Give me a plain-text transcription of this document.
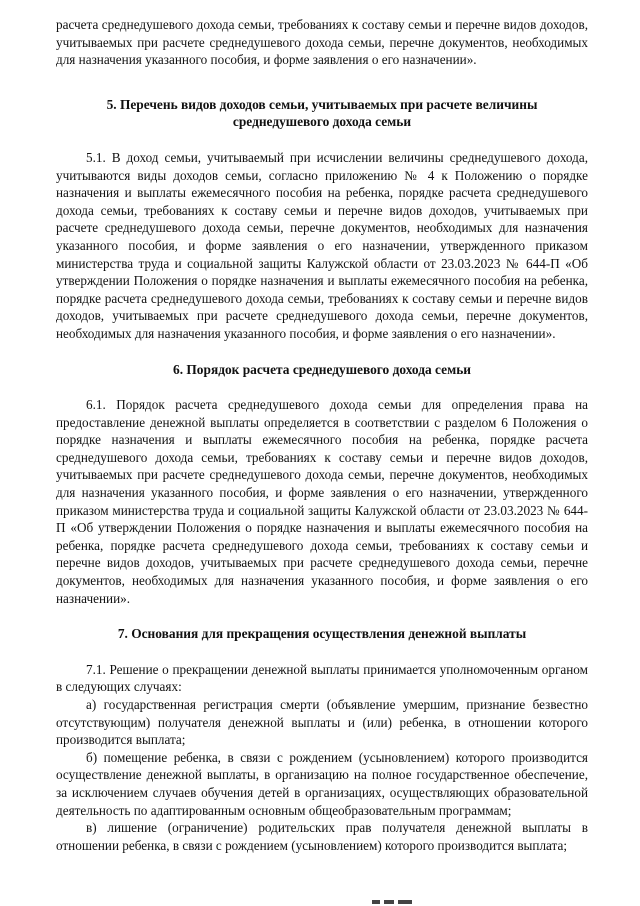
расчета среднедушевого дохода семьи, требованиях к составу семьи и перечне видов доходов, учитываемых при расчете среднедушевого дохода семьи, перечне документов, необходимых для назначения указанного пособия, и форме заявления о его назначении».

5. Перечень видов доходов семьи, учитываемых при расчете величины
среднедушевого дохода семьи

5.1. В доход семьи, учитываемый при исчислении величины среднедушевого дохода, учитываются виды доходов семьи, согласно приложению № 4 к Положению о порядке назначения и выплаты ежемесячного пособия на ребенка, порядке расчета среднедушевого дохода семьи, требованиях к составу семьи и перечне видов доходов, учитываемых при расчете среднедушевого дохода семьи, перечне документов, необходимых для назначения указанного пособия, и форме заявления о его назначении, утвержденного приказом министерства труда и социальной защиты Калужской области от 23.03.2023 № 644-П «Об утверждении Положения о порядке назначения и выплаты ежемесячного пособия на ребенка, порядке расчета среднедушевого дохода семьи, требованиях к составу семьи и перечне видов доходов, учитываемых при расчете среднедушевого дохода семьи, перечне документов, необходимых для назначения указанного пособия, и форме заявления о его назначении».

6. Порядок расчета среднедушевого дохода семьи

6.1. Порядок расчета среднедушевого дохода семьи для определения права на предоставление денежной выплаты определяется в соответствии с разделом 6 Положения о порядке назначения и выплаты ежемесячного пособия на ребенка, порядке расчета среднедушевого дохода семьи, требованиях к составу семьи и перечне видов доходов, учитываемых при расчете среднедушевого дохода семьи, перечне документов, необходимых для назначения указанного пособия, и форме заявления о его назначении, утвержденного приказом министерства труда и социальной защиты Калужской области от 23.03.2023 № 644-П «Об утверждении Положения о порядке назначения и выплаты ежемесячного пособия на ребенка, порядке расчета среднедушевого дохода семьи, требованиях к составу семьи и перечне видов доходов, учитываемых при расчете среднедушевого дохода семьи, перечне документов, необходимых для назначения указанного пособия, и форме заявления о его назначении».

7. Основания для прекращения осуществления денежной выплаты

7.1. Решение о прекращении денежной выплаты принимается уполномоченным органом в следующих случаях:

а) государственная регистрация смерти (объявление умершим, признание безвестно отсутствующим) получателя денежной выплаты и (или) ребенка, в отношении которого производится выплата;

б) помещение ребенка, в связи с рождением (усыновлением) которого производится осуществление денежной выплаты, в организацию на полное государственное обеспечение, за исключением случаев обучения детей в организациях, осуществляющих образовательной деятельность по адаптированным основным общеобразовательным программам;

в) лишение (ограничение) родительских прав получателя денежной выплаты в отношении ребенка, в связи с рождением (усыновлением) которого производится выплата;
